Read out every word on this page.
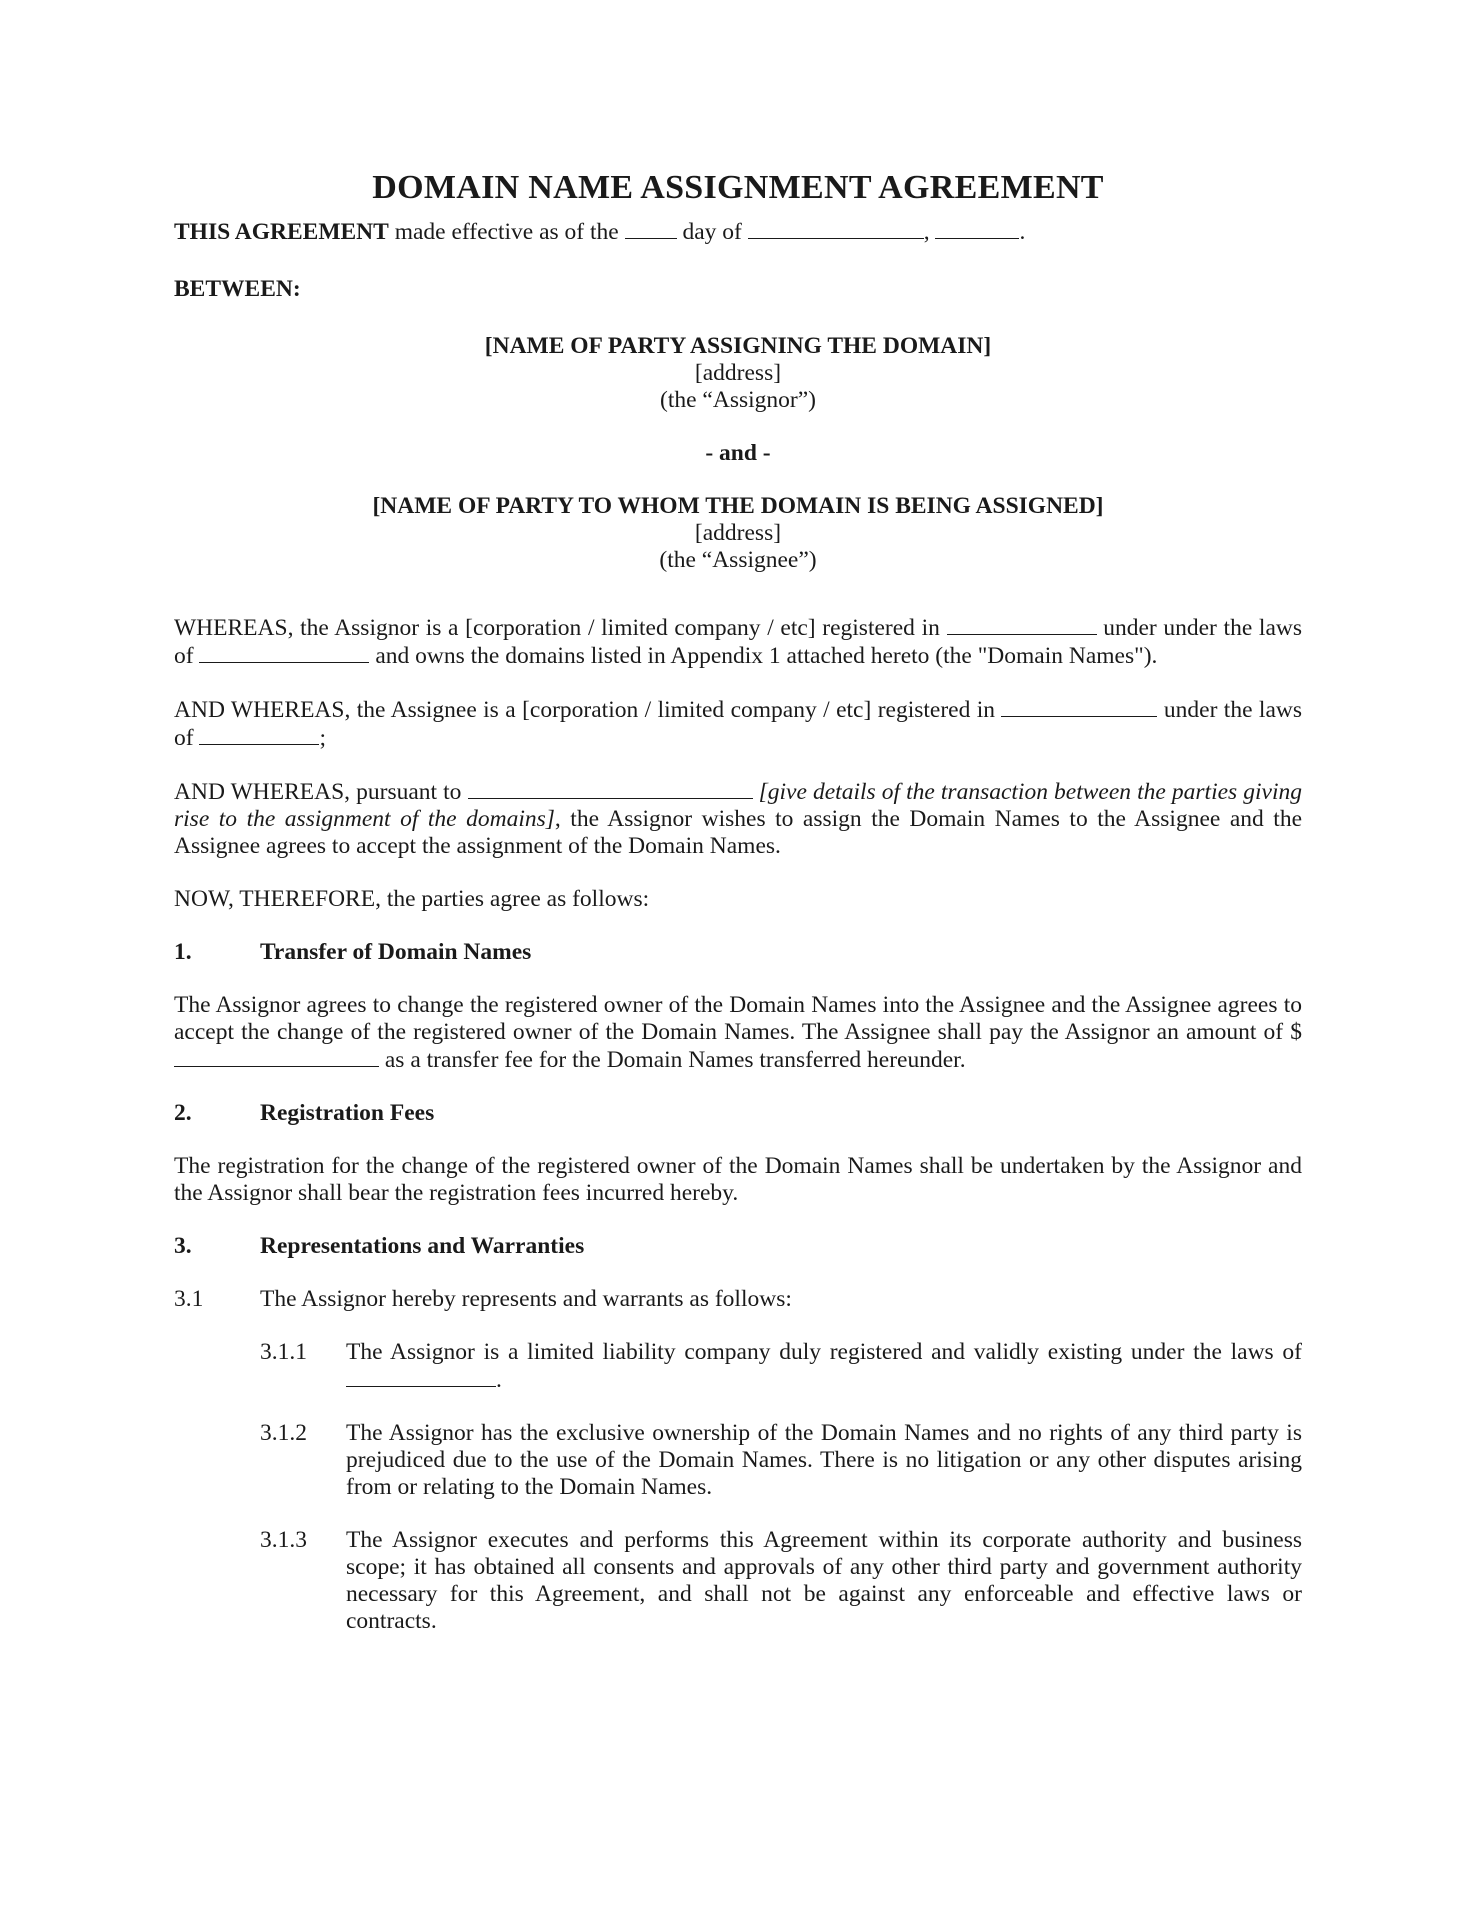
DOMAIN NAME ASSIGNMENT AGREEMENT
THIS AGREEMENT made effective as of the	day of	,	.
BETWEEN:
[NAME OF PARTY ASSIGNING THE DOMAIN]
[address]
(the “Assignor”)
- and -
[NAME OF PARTY TO WHOM THE DOMAIN IS BEING ASSIGNED]
[address]
(the “Assignee”)
WHEREAS, the Assignor is a [corporation / limited company / etc] registered in	under under the laws of	and owns the domains listed in Appendix 1 attached hereto (the "Domain Names").
AND WHEREAS, the Assignee is a [corporation / limited company / etc] registered in	under the laws of	;
AND WHEREAS, pursuant to	[give details of the transaction between the parties giving rise to the assignment of the domains], the Assignor wishes to assign the Domain Names to the Assignee and the Assignee agrees to accept the assignment of the Domain Names.
NOW, THEREFORE, the parties agree as follows:
1.	Transfer of Domain Names
The Assignor agrees to change the registered owner of the Domain Names into the Assignee and the Assignee agrees to accept the change of the registered owner of the Domain Names. The Assignee shall pay the Assignor an amount of $  as a transfer fee for the Domain Names transferred hereunder.
2.	Registration Fees
The registration for the change of the registered owner of the Domain Names shall be undertaken by the Assignor and the Assignor shall bear the registration fees incurred hereby.
3.	Representations and Warranties
3.1	The Assignor hereby represents and warrants as follows:
3.1.1	The Assignor is a limited liability company duly registered and validly existing under the laws of .
3.1.2	The Assignor has the exclusive ownership of the Domain Names and no rights of any third party is prejudiced due to the use of the Domain Names. There is no litigation or any other disputes arising from or relating to the Domain Names.
3.1.3	The Assignor executes and performs this Agreement within its corporate authority and business scope; it has obtained all consents and approvals of any other third party and government authority necessary for this Agreement, and shall not be against any enforceable and effective laws or contracts.
